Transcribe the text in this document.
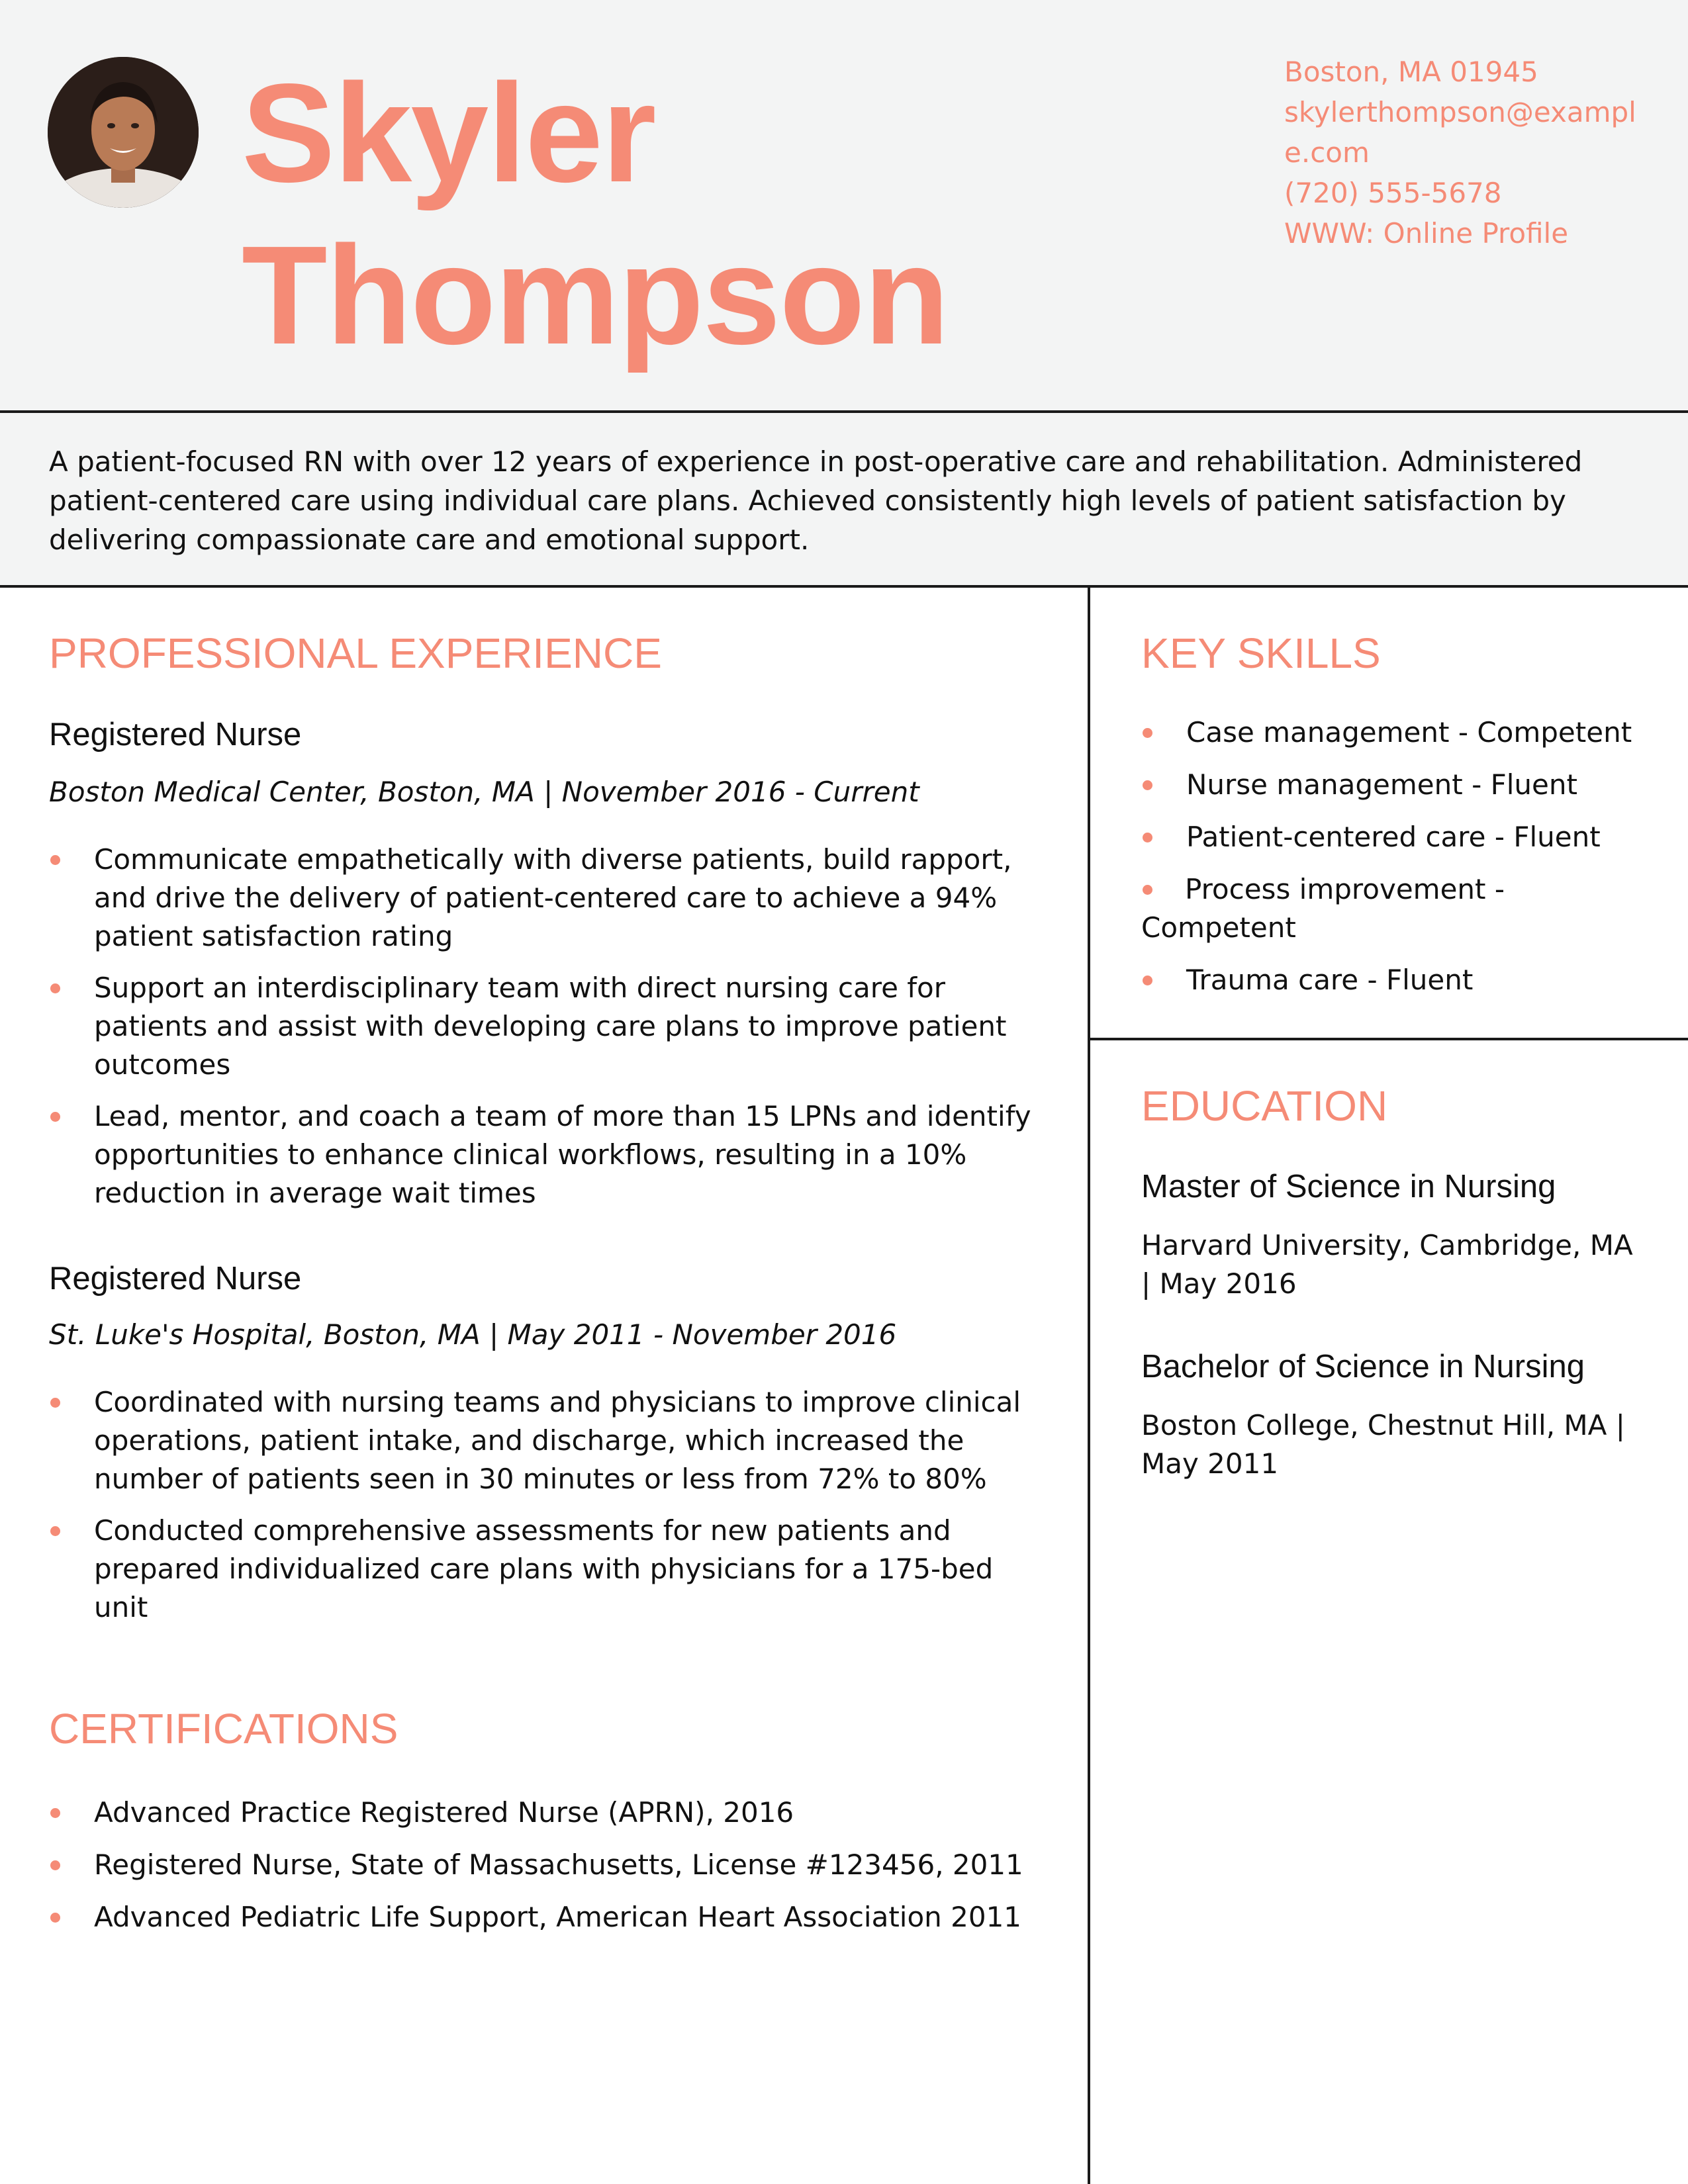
Skyler
Thompson
Boston, MA 01945
skylerthompson@exampl
e.com
(720) 555-5678
WWW: Online Profile
A patient-focused RN with over 12 years of experience in post-operative care and rehabilitation. Administered patient-centered care using individual care plans. Achieved consistently high levels of patient satisfaction by delivering compassionate care and emotional support.
PROFESSIONAL EXPERIENCE
Registered Nurse
Boston Medical Center, Boston, MA | November 2016 - Current
Communicate empathetically with diverse patients, build rapport, and drive the delivery of patient-centered care to achieve a 94% patient satisfaction rating
Support an interdisciplinary team with direct nursing care for patients and assist with developing care plans to improve patient outcomes
Lead, mentor, and coach a team of more than 15 LPNs and identify opportunities to enhance clinical workflows, resulting in a 10% reduction in average wait times
Registered Nurse
St. Luke's Hospital, Boston, MA | May 2011 - November 2016
Coordinated with nursing teams and physicians to improve clinical operations, patient intake, and discharge, which increased the number of patients seen in 30 minutes or less from 72% to 80%
Conducted comprehensive assessments for new patients and prepared individualized care plans with physicians for a 175-bed unit
CERTIFICATIONS
Advanced Practice Registered Nurse (APRN), 2016
Registered Nurse, State of Massachusetts, License #123456, 2011
Advanced Pediatric Life Support, American Heart Association 2011
KEY SKILLS
Case management - Competent
Nurse management - Fluent
Patient-centered care - Fluent
Process improvement - Competent
Trauma care - Fluent
EDUCATION
Master of Science in Nursing
Harvard University, Cambridge, MA | May 2016
Bachelor of Science in Nursing
Boston College, Chestnut Hill, MA | May 2011
